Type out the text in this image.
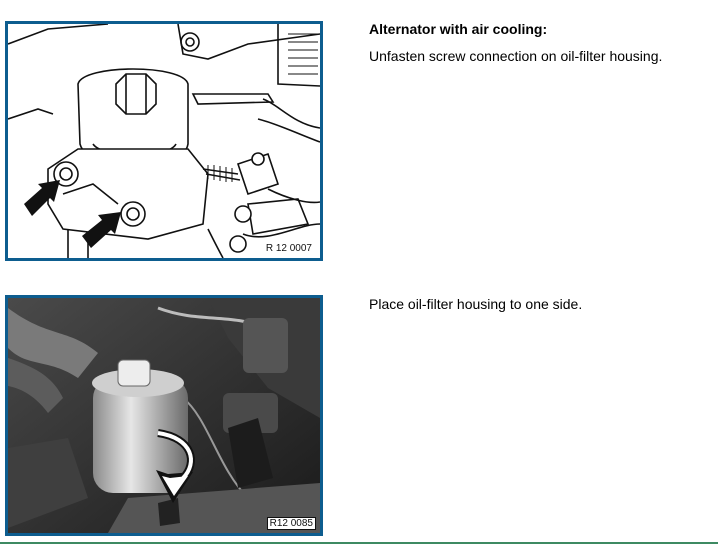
R 12 0007
Alternator with air cooling:
Unfasten screw connection on oil-filter housing.
R12 0085
Place oil-filter housing to one side.
